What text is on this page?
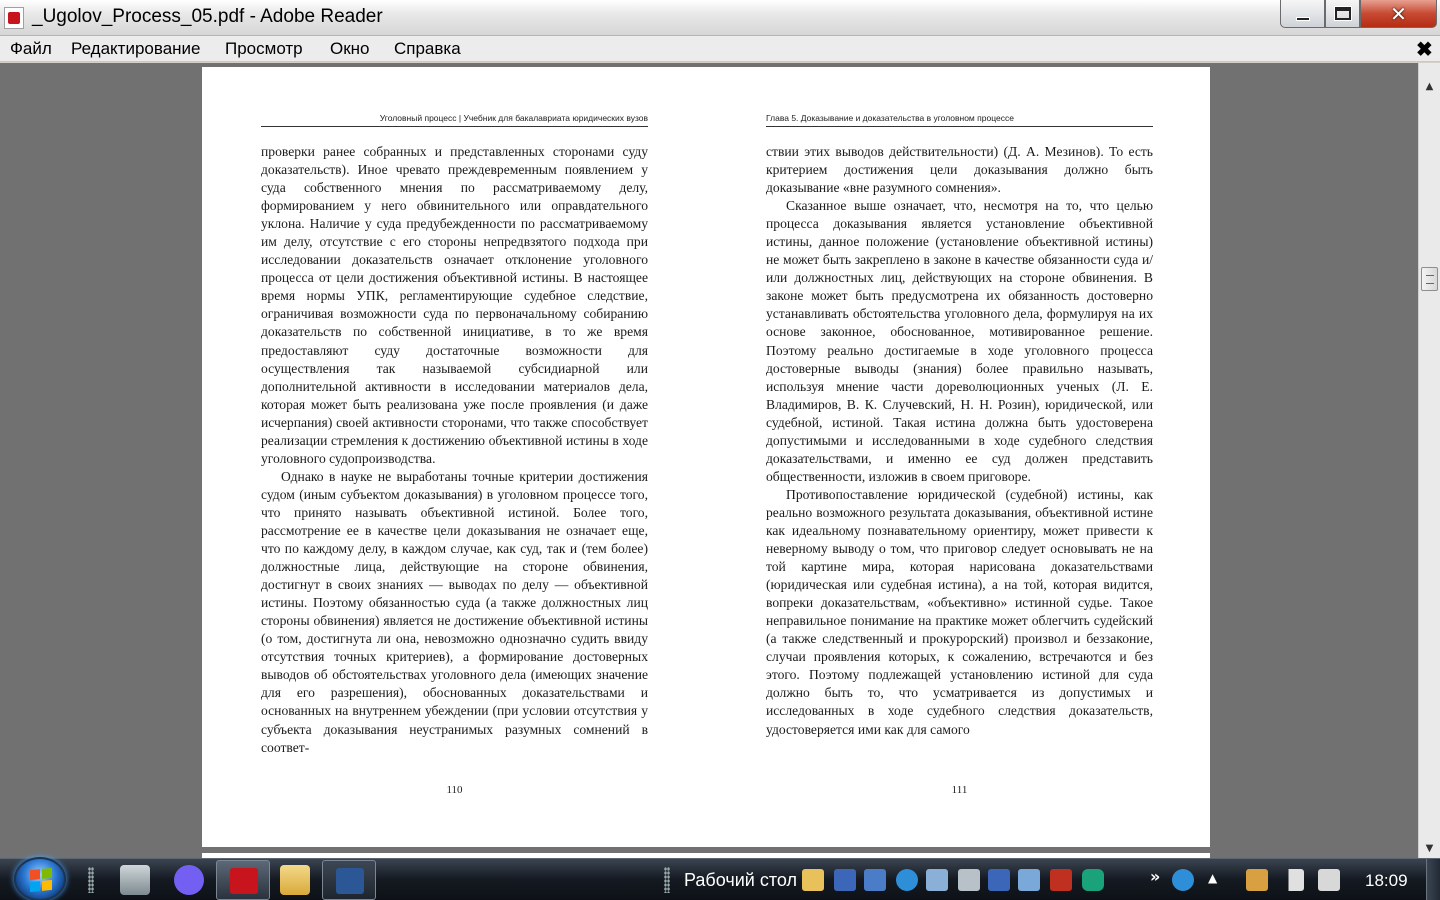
_Ugolov_Process_05.pdf - Adobe Reader	✕
Файл Редактирование Просмотр Окно Справка	✖
Уголовный процесс | Учебник для бакалавриата юридических вузов

проверки ранее собранных и представленных сторонами суду доказательств). Иное чревато преждевременным появлением у суда собственного мнения по рассматриваемому делу, формированием у него обвинительного или оправдательного уклона. Наличие у суда предубежденности по рассматриваемому им делу, отсутствие с его стороны непредвзятого подхода при исследовании доказательств означает отклонение уголовного процесса от цели достижения объективной истины. В настоящее время нормы УПК, регламентирующие судебное следствие, ограничивая возможности суда по первоначальному собиранию доказательств по собственной инициативе, в то же время предоставляют суду достаточные возможности для осуществления так называемой субсидиарной или дополнительной активности в исследовании материалов дела, которая может быть реализована уже после проявления (и даже исчерпания) своей активности сторонами, что также способствует реализации стремления к достижению объективной истины в ходе уголовного судопроизводства.

Однако в науке не выработаны точные критерии достижения судом (иным субъектом доказывания) в уголовном процессе того, что принято называть объективной истиной. Более того, рассмотрение ее в качестве цели доказывания не означает еще, что по каждому делу, в каждом случае, как суд, так и (тем более) должностные лица, действующие на стороне обвинения, достигнут в своих знаниях — выводах по делу — объективной истины. Поэтому обязанностью суда (а также должностных лиц стороны обвинения) является не достижение объективной истины (о том, достигнута ли она, невозможно однозначно судить ввиду отсутствия точных критериев), а формирование достоверных выводов об обстоятельствах уголовного дела (имеющих значение для его разрешения), обоснованных доказательствами и основанных на внутреннем убеждении (при условии отсутствия у субъекта доказывания неустранимых разумных сомнений в соответ-

110
Глава 5. Доказывание и доказательства в уголовном процессе

ствии этих выводов действительности) (Д. А. Мезинов). То есть критерием достижения цели доказывания должно быть доказывание «вне разумного сомнения».

Сказанное выше означает, что, несмотря на то, что целью процесса доказывания является установление объективной истины, данное положение (установление объективной истины) не может быть закреплено в законе в качестве обязанности суда и/или должностных лиц, действующих на стороне обвинения. В законе может быть предусмотрена их обязанность достоверно устанавливать обстоятельства уголовного дела, формулируя на их основе законное, обоснованное, мотивированное решение. Поэтому реально достигаемые в ходе уголовного процесса достоверные выводы (знания) более правильно называть, используя мнение части дореволюционных ученых (Л. Е. Владимиров, В. К. Случевский, Н. Н. Розин), юридической, или судебной, истиной. Такая истина должна быть удостоверена допустимыми и исследованными в ходе судебного следствия доказательствами, и именно ее суд должен представить общественности, изложив в своем приговоре.

Противопоставление юридической (судебной) истины, как реально возможного результата доказывания, объективной истине как идеальному познавательному ориентиру, может привести к неверному выводу о том, что приговор следует основывать не на той картине мира, которая нарисована доказательствами (юридическая или судебная истина), а на той, которая видится, вопреки доказательствам, «объективно» истинной судье. Такое неправильное понимание на практике может облегчить судейский (а также следственный и прокурорский) произвол и беззаконие, случаи проявления которых, к сожалению, встречаются и без этого. Поэтому подлежащей установлению истиной для суда должно быть то, что усматривается из допустимых и исследованных в ходе судебного следствия доказательств, удостоверяется ими как для самого

111
▲
▼
Рабочий стол	»	▲	18:09
